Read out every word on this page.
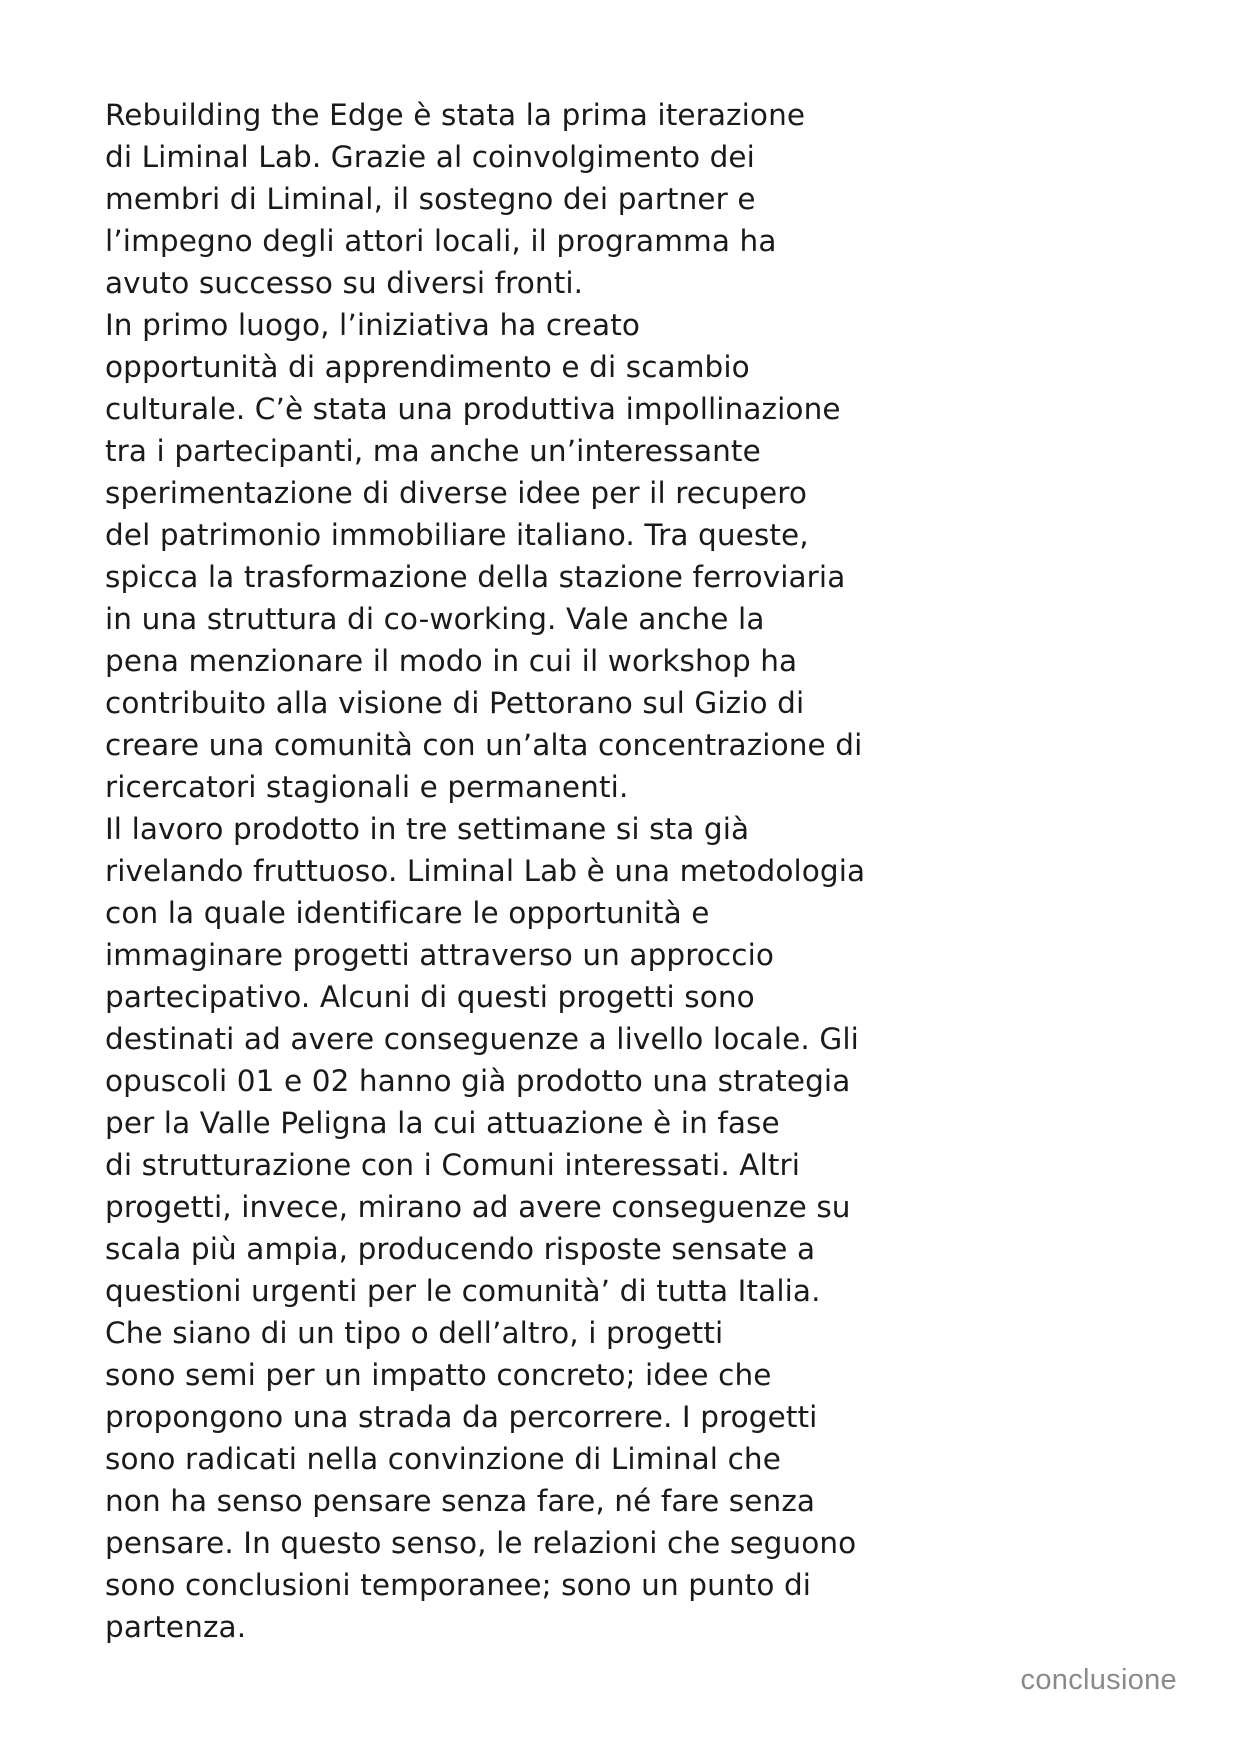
Rebuilding the Edge è stata la prima iterazione
di Liminal Lab. Grazie al coinvolgimento dei
membri di Liminal, il sostegno dei partner e
l’impegno degli attori locali, il programma ha
avuto successo su diversi fronti.

In primo luogo, l’iniziativa ha creato
opportunità di apprendimento e di scambio
culturale. C’è stata una produttiva impollinazione
tra i partecipanti, ma anche un’interessante
sperimentazione di diverse idee per il recupero
del patrimonio immobiliare italiano. Tra queste,
spicca la trasformazione della stazione ferroviaria
in una struttura di co-working. Vale anche la
pena menzionare il modo in cui il workshop ha
contribuito alla visione di Pettorano sul Gizio di
creare una comunità con un’alta concentrazione di
ricercatori stagionali e permanenti.

Il lavoro prodotto in tre settimane si sta già
rivelando fruttuoso. Liminal Lab è una metodologia
con la quale identificare le opportunità e
immaginare progetti attraverso un approccio
partecipativo. Alcuni di questi progetti sono
destinati ad avere conseguenze a livello locale. Gli
opuscoli 01 e 02 hanno già prodotto una strategia
per la Valle Peligna la cui attuazione è in fase
di strutturazione con i Comuni interessati. Altri
progetti, invece, mirano ad avere conseguenze su
scala più ampia, producendo risposte sensate a
questioni urgenti per le comunità’ di tutta Italia.

Che siano di un tipo o dell’altro, i progetti
sono semi per un impatto concreto; idee che
propongono una strada da percorrere. I progetti
sono radicati nella convinzione di Liminal che
non ha senso pensare senza fare, né fare senza
pensare. In questo senso, le relazioni che seguono
sono conclusioni temporanee; sono un punto di
partenza.

conclusione
